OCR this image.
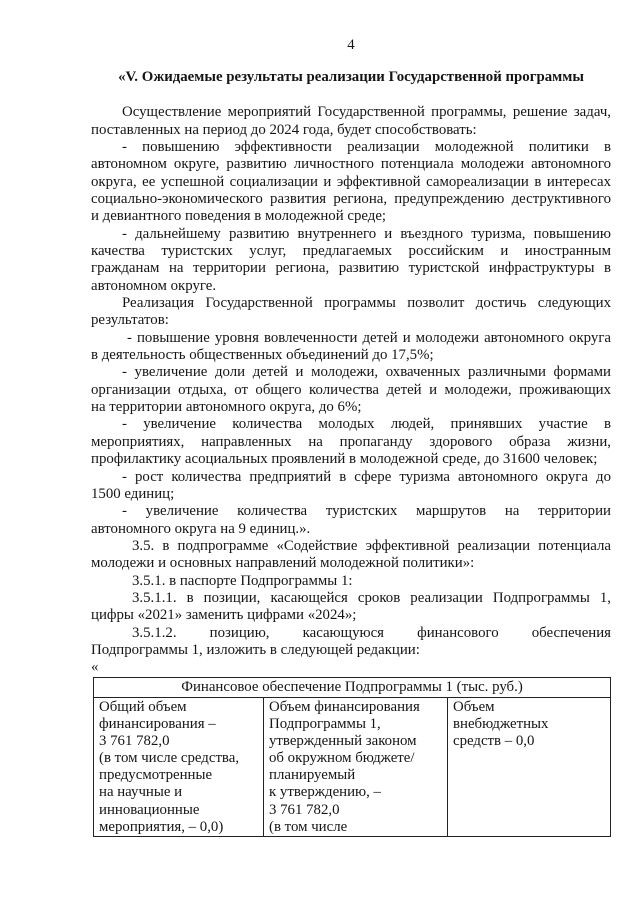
4
«V. Ожидаемые результаты реализации Государственной программы
Осуществление мероприятий Государственной программы, решение задач,
поставленных на период до 2024 года, будет способствовать:
- повышению эффективности реализации молодежной политики в
автономном округе, развитию личностного потенциала молодежи автономного
округа, ее успешной социализации и эффективной самореализации в интересах
социально-экономического развития региона, предупреждению деструктивного
и девиантного поведения в молодежной среде;
- дальнейшему развитию внутреннего и въездного туризма, повышению
качества туристских услуг, предлагаемых российским и иностранным
гражданам на территории региона, развитию туристской инфраструктуры в
автономном округе.
Реализация Государственной программы позволит достичь следующих
результатов:
- повышение уровня вовлеченности детей и молодежи автономного округа
в деятельность общественных объединений до 17,5%;
- увеличение доли детей и молодежи, охваченных различными формами
организации отдыха, от общего количества детей и молодежи, проживающих
на территории автономного округа, до 6%;
- увеличение количества молодых людей, принявших участие в
мероприятиях, направленных на пропаганду здорового образа жизни,
профилактику асоциальных проявлений в молодежной среде, до 31600 человек;
- рост количества предприятий в сфере туризма автономного округа до
1500 единиц;
- увеличение количества туристских маршрутов на территории
автономного округа на 9 единиц.».
3.5. в подпрограмме «Содействие эффективной реализации потенциала
молодежи и основных направлений молодежной политики»:
3.5.1. в паспорте Подпрограммы 1:
3.5.1.1. в позиции, касающейся сроков реализации Подпрограммы 1,
цифры «2021» заменить цифрами «2024»;
3.5.1.2. позицию, касающуюся финансового обеспечения
Подпрограммы 1, изложить в следующей редакции:
«
Финансовое обеспечение Подпрограммы 1 (тыс. руб.)
Общий объем
финансирования –
3 761 782,0
(в том числе средства,
предусмотренные
на научные и
инновационные
мероприятия, – 0,0)
Объем финансирования
Подпрограммы 1,
утвержденный законом
об окружном бюджете/
планируемый
к утверждению, –
3 761 782,0
(в том числе
Объем
внебюджетных
средств – 0,0
